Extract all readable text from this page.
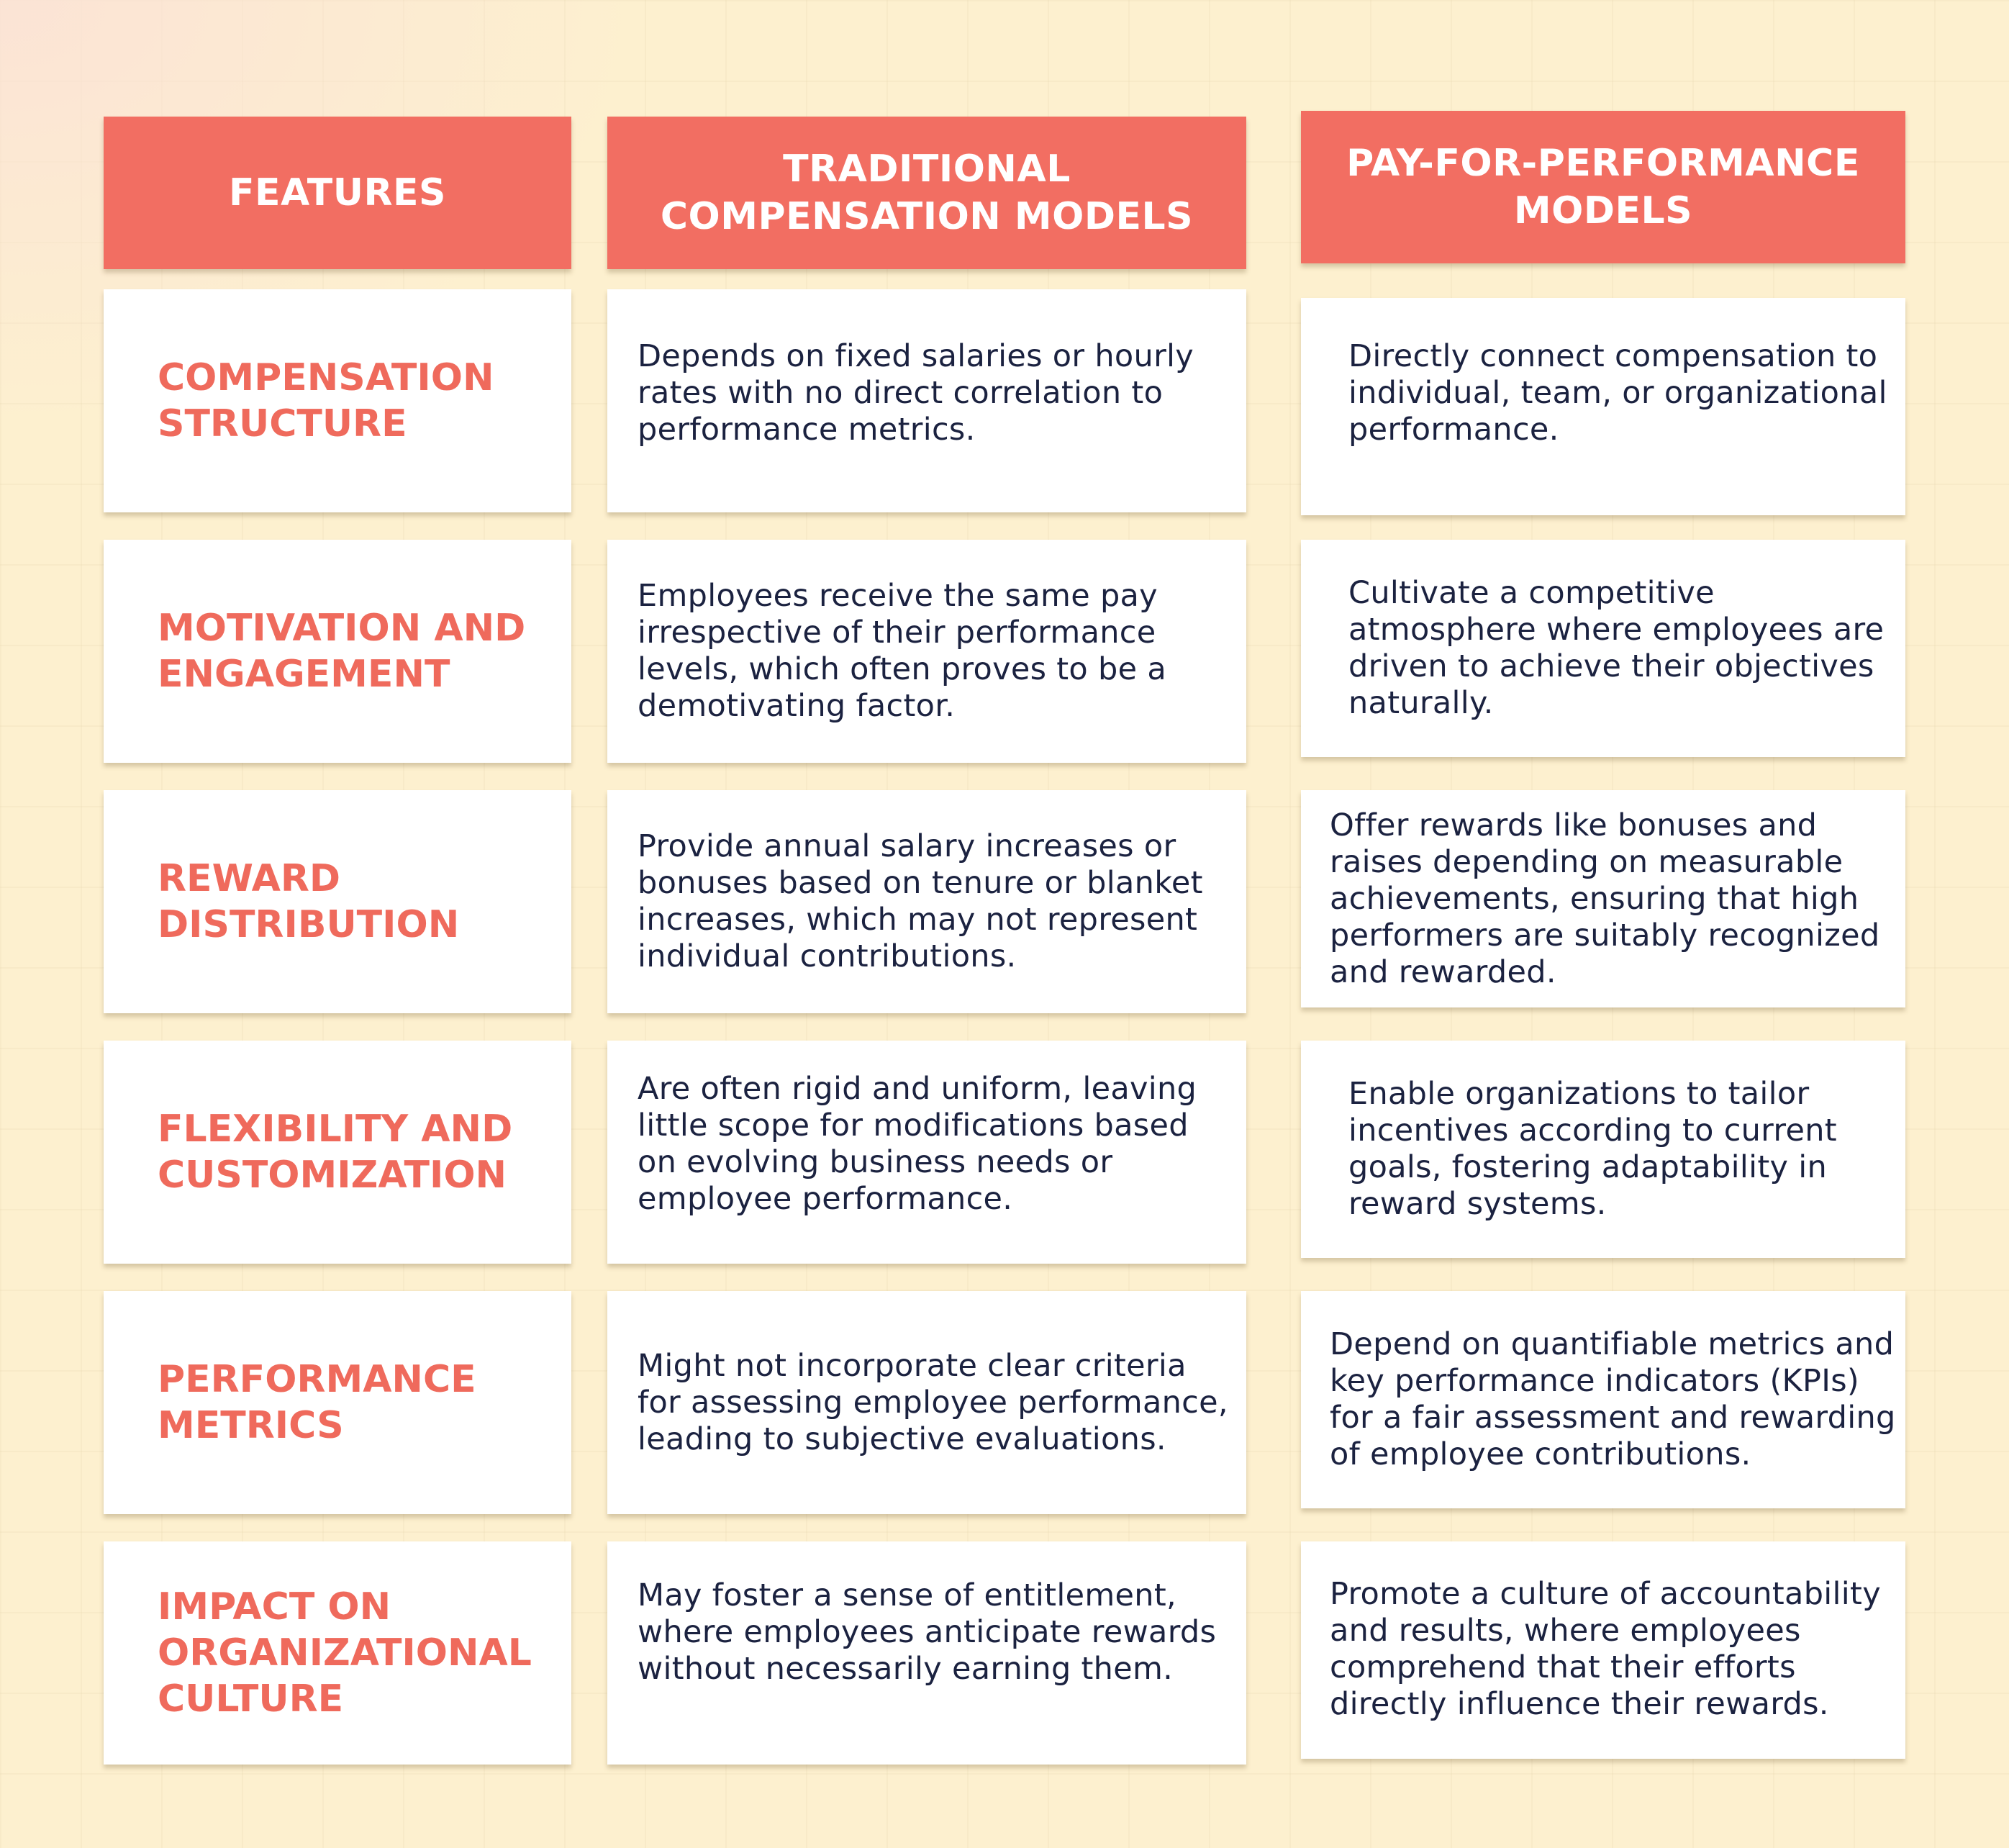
FEATURES
TRADITIONAL COMPENSATION MODELS
PAY-FOR-PERFORMANCE MODELS
COMPENSATION STRUCTURE
Depends on fixed salaries or hourly rates with no direct correlation to performance metrics.
Directly connect compensation to individual, team, or organizational performance.
MOTIVATION AND ENGAGEMENT
Employees receive the same pay irrespective of their performance levels, which often proves to be a demotivating factor.
Cultivate a competitive atmosphere where employees are driven to achieve their objectives naturally.
REWARD DISTRIBUTION
Provide annual salary increases or bonuses based on tenure or blanket increases, which may not represent individual contributions.
Offer rewards like bonuses and raises depending on measurable achievements, ensuring that high performers are suitably recognized and rewarded.
FLEXIBILITY AND CUSTOMIZATION
Are often rigid and uniform, leaving little scope for modifications based on evolving business needs or employee performance.
Enable organizations to tailor incentives according to current goals, fostering adaptability in reward systems.
PERFORMANCE METRICS
Might not incorporate clear criteria for assessing employee performance, leading to subjective evaluations.
Depend on quantifiable metrics and key performance indicators (KPIs) for a fair assessment and rewarding of employee contributions.
IMPACT ON ORGANIZATIONAL CULTURE
May foster a sense of entitlement, where employees anticipate rewards without necessarily earning them.
Promote a culture of accountability and results, where employees comprehend that their efforts directly influence their rewards.
